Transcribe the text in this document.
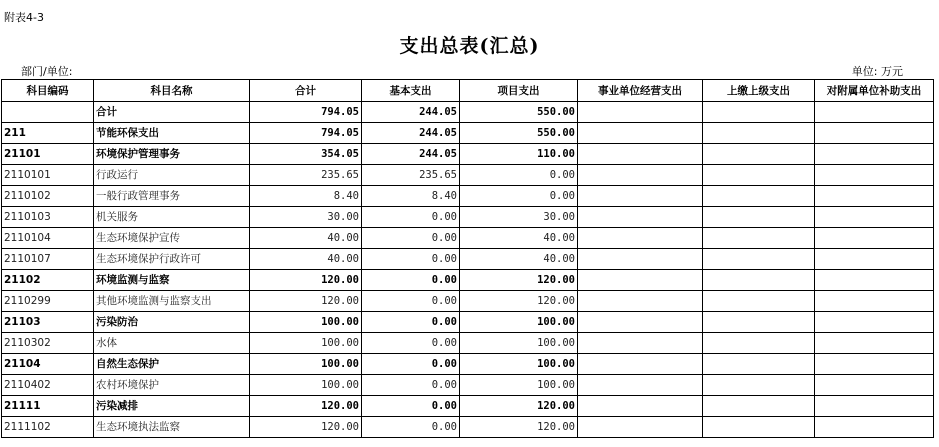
附表4-3
支出总表(汇总)
部门/单位:	单位: 万元
科目编码	科目名称	合计	基本支出	项目支出	事业单位经营支出	上缴上级支出	对附属单位补助支出
	合计	794.05	244.05	550.00			
211	节能环保支出	794.05	244.05	550.00			
21101	环境保护管理事务	354.05	244.05	110.00			
2110101	行政运行	235.65	235.65	0.00			
2110102	一般行政管理事务	8.40	8.40	0.00			
2110103	机关服务	30.00	0.00	30.00			
2110104	生态环境保护宣传	40.00	0.00	40.00			
2110107	生态环境保护行政许可	40.00	0.00	40.00			
21102	环境监测与监察	120.00	0.00	120.00			
2110299	其他环境监测与监察支出	120.00	0.00	120.00			
21103	污染防治	100.00	0.00	100.00			
2110302	水体	100.00	0.00	100.00			
21104	自然生态保护	100.00	0.00	100.00			
2110402	农村环境保护	100.00	0.00	100.00			
21111	污染减排	120.00	0.00	120.00			
2111102	生态环境执法监察	120.00	0.00	120.00			
